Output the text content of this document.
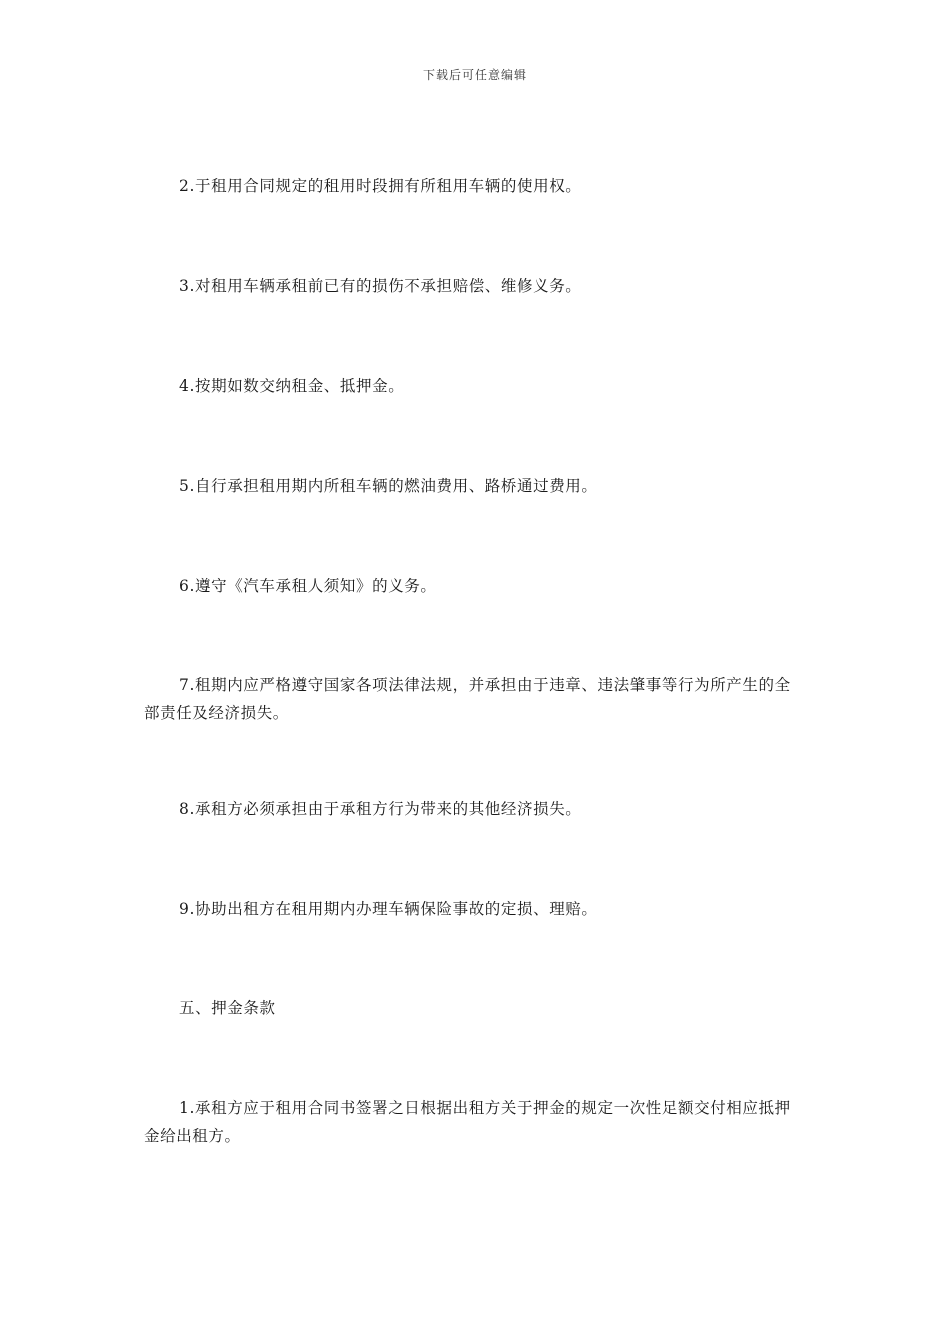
下载后可任意编辑

2.于租用合同规定的租用时段拥有所租用车辆的使用权。

3.对租用车辆承租前已有的损伤不承担赔偿、维修义务。

4.按期如数交纳租金、抵押金。

5.自行承担租用期内所租车辆的燃油费用、路桥通过费用。

6.遵守《汽车承租人须知》的义务。

7.租期内应严格遵守国家各项法律法规，并承担由于违章、违法肇事等行为所产生的全部责任及经济损失。

8.承租方必须承担由于承租方行为带来的其他经济损失。

9.协助出租方在租用期内办理车辆保险事故的定损、理赔。

五、押金条款

1.承租方应于租用合同书签署之日根据出租方关于押金的规定一次性足额交付相应抵押 金给出租方。
